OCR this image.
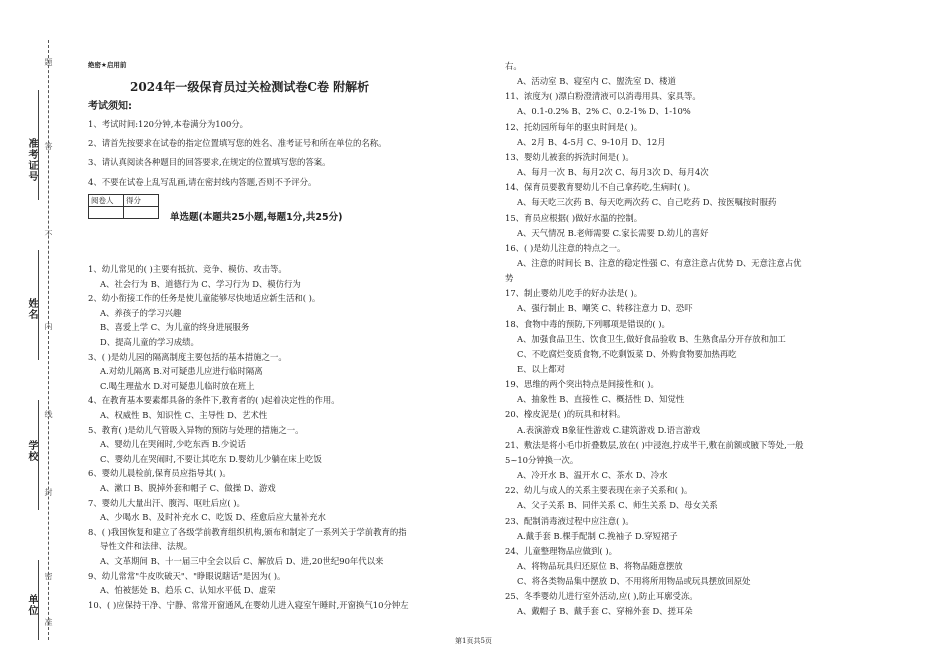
准考证号
姓名
学校
单位
题
答
不
内
线
封
密
准
绝密★启用前
2024年一级保育员过关检测试卷C卷 附解析
考试须知:
1、考试时间:120分钟,本卷满分为100分。
2、请首先按要求在试卷的指定位置填写您的姓名、准考证号和所在单位的名称。
3、请认真阅读各种题目的回答要求,在规定的位置填写您的答案。
4、不要在试卷上乱写乱画,请在密封线内答题,否则不予评分。
阅卷人	得分

单选题(本题共25小题,每题1分,共25分)
1、幼儿常见的( )主要有抵抗、竞争、模仿、攻击等。
A、社会行为 B、道德行为 C、学习行为 D、模仿行为
2、幼小衔接工作的任务是使儿童能够尽快地适应新生活和( )。
A、养孩子的学习兴趣
B、喜爱上学 C、为儿童的终身进展服务
D、提高儿童的学习成绩。
3、( )是幼儿园的隔离制度主要包括的基本措施之一。
A.对幼儿隔离 B.对可疑患儿应进行临时隔离
C.喝生理盐水 D.对可疑患儿临时放在班上
4、在教育基本要素都具备的条件下,教育者的( )起着决定性的作用。
A、权威性 B、知识性 C、主导性 D、艺术性
5、教育( )是幼儿气管吸入异物的预防与处理的措施之一。
A、婴幼儿在哭闹时,少吃东西 B.少说话
C、婴幼儿在哭闹时,不要让其吃东 D.婴幼儿少躺在床上吃饭
6、婴幼儿晨检前,保育员应指导其( )。
A、漱口 B、脱掉外套和帽子 C、做操 D、游戏
7、婴幼儿大量出汗、腹泻、呕吐后应( )。
A、少喝水 B、及时补充水 C、吃饭 D、痊愈后应大量补充水
8、( )我国恢复和建立了各级学前教育组织机构,颁布和制定了一系列关于学前教育的指
导性文件和法律、法规。
A、文革期间 B、十一届三中全会以后 C、解放后 D、进,20世纪90年代以来
9、幼儿常常"牛皮吹破天"、"睁眼说瞎话"是因为( )。
A、怕被惩处 B、趋乐 C、认知水平低 D、虚荣
10、( )应保持干净、宁静、常常开窗通风,在婴幼儿进入寝室午睡时,开窗换气10分钟左
右。
A、活动室 B、寝室内 C、盥洗室 D、楼道
11、浓度为( )漂白粉澄清液可以消毒用具、家具等。
A、0.1-0.2% B、2% C、0.2-1% D、1-10%
12、托幼园所每年的驱虫时间是( )。
A、2月 B、4-5月 C、9-10月 D、12月
13、婴幼儿被套的拆洗时间是( )。
A、每月一次 B、每月2次 C、每月3次 D、每月4次
14、保育员要教育婴幼儿不自己拿药吃,生病时( )。
A、每天吃三次药 B、每天吃两次药 C、自己吃药 D、按医嘱按时服药
15、育员应根据( )做好水温的控制。
A、天气情况 B.老师需要 C.家长需要 D.幼儿的喜好
16、( )是幼儿注意的特点之一。
A、注意的时间长 B、注意的稳定性强 C、有意注意占优势 D、无意注意占优
势
17、制止婴幼儿吃手的好办法是( )。
A、强行制止 B、嘲笑 C、转移注意力 D、恐吓
18、食物中毒的预防,下列哪项是错误的( )。
A、加强食品卫生、饮食卫生,做好食品验收 B、生熟食品分开存放和加工
C、不吃腐烂变质食物,不吃剩饭菜 D、外购食物要加热再吃
E、以上都对
19、思维的两个突出特点是间接性和( )。
A、抽象性 B、直接性 C、概括性 D、知觉性
20、橡皮泥是( )的玩具和材料。
A.表演游戏 B象征性游戏 C.建筑游戏 D.语言游戏
21、敷法是将小毛巾折叠数层,放在( )中浸泡,拧成半干,敷在前额或腋下等处,一般
5~10分钟换一次。
A、冷开水 B、温开水 C、茶水 D、冷水
22、幼儿与成人的关系主要表现在亲子关系和( )。
A、父子关系 B、同伴关系 C、师生关系 D、母女关系
23、配制消毒液过程中应注意( )。
A.戴手套 B.棵手配制 C.挽袖子 D.穿短裙子
24、儿童整理物品应做到( )。
A、将物品玩具归还原位 B、将物品随意摆放
C、将各类物品集中摆放 D、不用将所用物品或玩具摆放回原处
25、冬季婴幼儿进行室外活动,应( ),防止耳廓受冻。
A、戴帽子 B、戴手套 C、穿棉外套 D、搓耳朵
第1页共5页
